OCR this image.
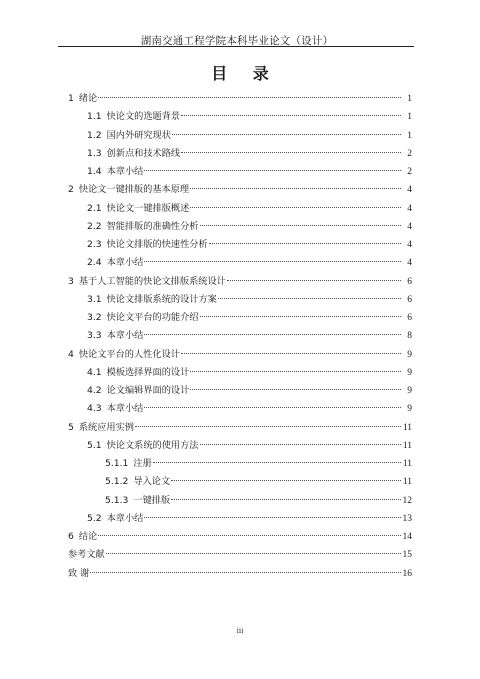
湖南交通工程学院本科毕业论文（设计）
目 录
1 绪论	1
1.1 快论文的选题背景	1
1.2 国内外研究现状	1
1.3 创新点和技术路线	2
1.4 本章小结	2
2 快论文一键排版的基本原理	4
2.1 快论文一键排版概述	4
2.2 智能排版的准确性分析	4
2.3 快论文排版的快速性分析	4
2.4 本章小结	4
3 基于人工智能的快论文排版系统设计	6
3.1 快论文排版系统的设计方案	6
3.2 快论文平台的功能介绍	6
3.3 本章小结	8
4 快论文平台的人性化设计	9
4.1 模板选择界面的设计	9
4.2 论文编辑界面的设计	9
4.3 本章小结	9
5 系统应用实例	11
5.1 快论文系统的使用方法	11
5.1.1 注册	11
5.1.2 导入论文	11
5.1.3 一键排版	12
5.2 本章小结	13
6 结论	14
参考文献	15
致 谢	16
iii
